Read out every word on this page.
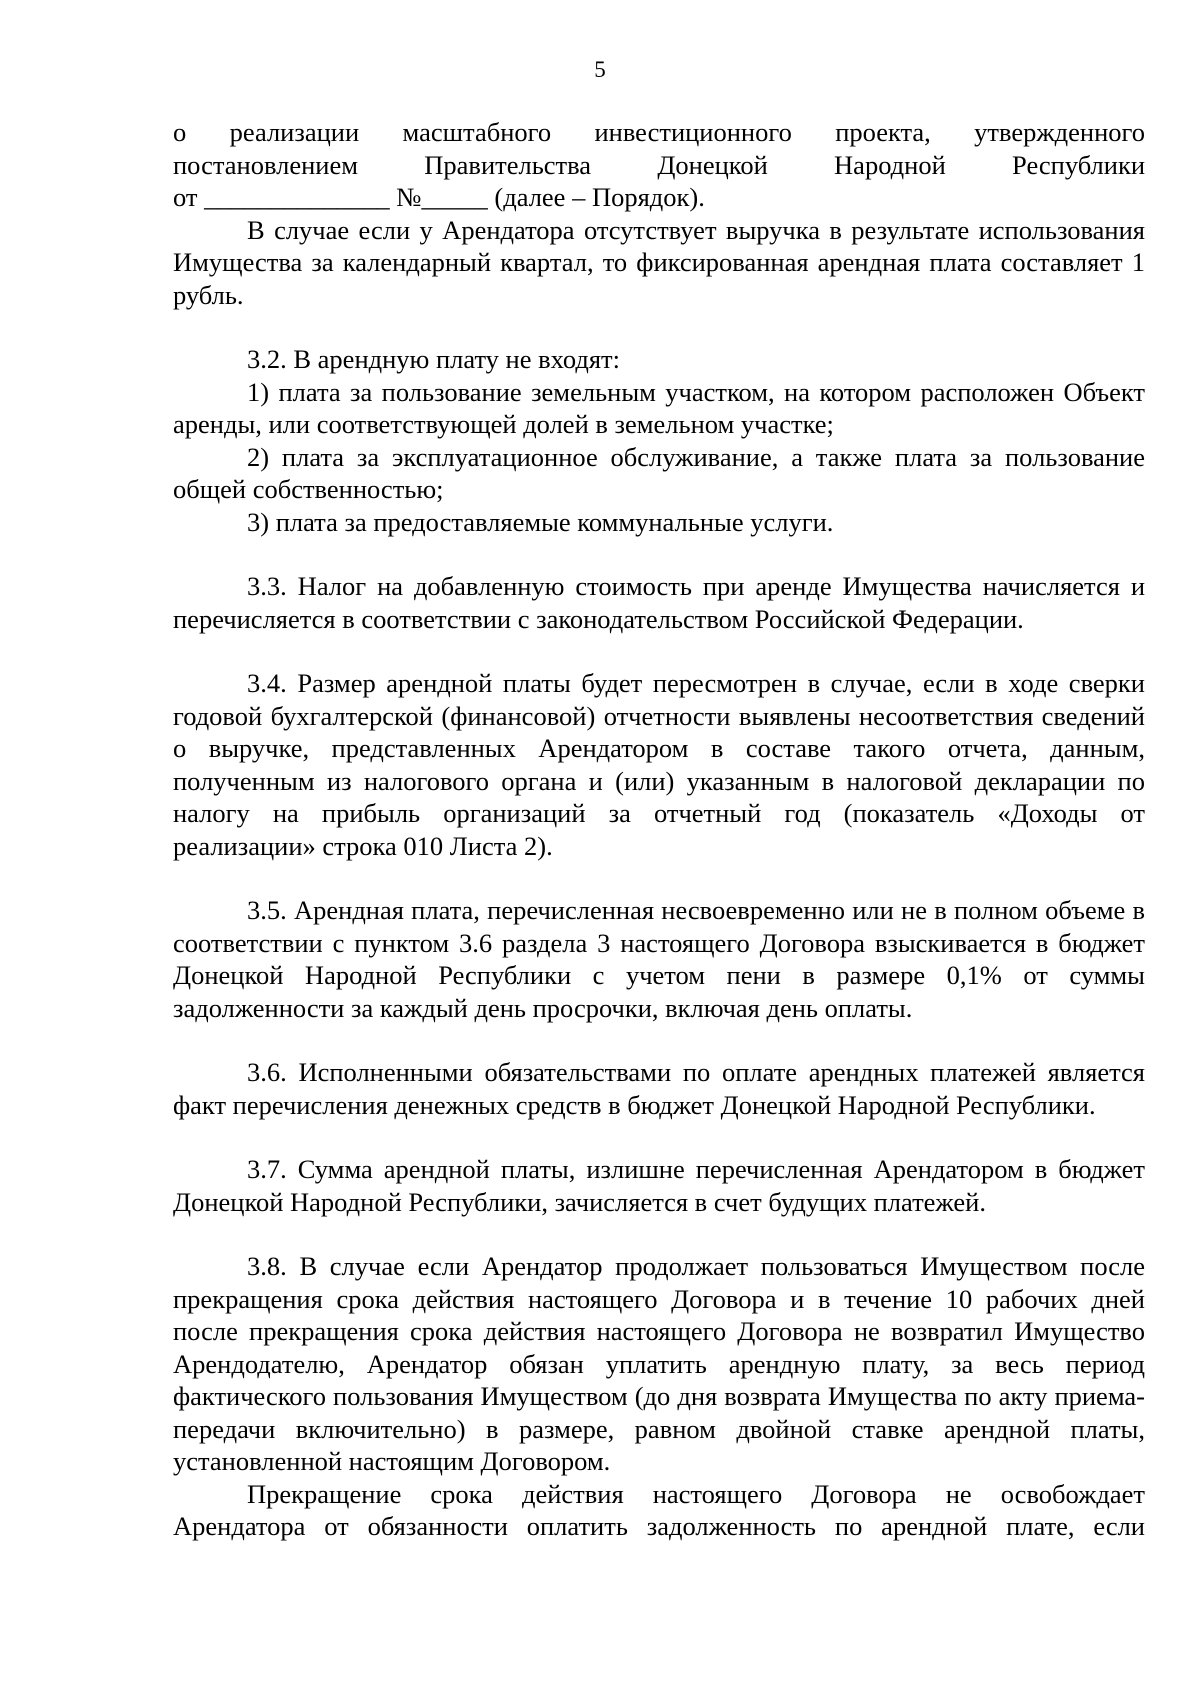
5

о реализации масштабного инвестиционного проекта, утвержденного

постановлением Правительства Донецкой Народной Республики

от ______________ №_____ (далее – Порядок).

В случае если у Арендатора отсутствует выручка в результате использования Имущества за календарный квартал, то фиксированная арендная плата составляет 1 рубль.

3.2. В арендную плату не входят:

1) плата за пользование земельным участком, на котором расположен Объект аренды, или соответствующей долей в земельном участке;

2) плата за эксплуатационное обслуживание, а также плата за пользование общей собственностью;

3) плата за предоставляемые коммунальные услуги.

3.3. Налог на добавленную стоимость при аренде Имущества начисляется и перечисляется в соответствии с законодательством Российской Федерации.

3.4. Размер арендной платы будет пересмотрен в случае, если в ходе сверки годовой бухгалтерской (финансовой) отчетности выявлены несоответствия сведений о выручке, представленных Арендатором в составе такого отчета, данным, полученным из налогового органа и (или) указанным в налоговой декларации по налогу на прибыль организаций за отчетный год (показатель «Доходы от реализации» строка 010 Листа 2).

3.5. Арендная плата, перечисленная несвоевременно или не в полном объеме в соответствии с пунктом 3.6 раздела 3 настоящего Договора взыскивается в бюджет Донецкой Народной Республики с учетом пени в размере 0,1% от суммы задолженности за каждый день просрочки, включая день оплаты.

3.6. Исполненными обязательствами по оплате арендных платежей является факт перечисления денежных средств в бюджет Донецкой Народной Республики.

3.7. Сумма арендной платы, излишне перечисленная Арендатором в бюджет Донецкой Народной Республики, зачисляется в счет будущих платежей.

3.8. В случае если Арендатор продолжает пользоваться Имуществом после прекращения срока действия настоящего Договора и в течение 10 рабочих дней после прекращения срока действия настоящего Договора не возвратил Имущество Арендодателю, Арендатор обязан уплатить арендную плату, за весь период фактического пользования Имуществом (до дня возврата Имущества по акту приема-передачи включительно) в размере, равном двойной ставке арендной платы, установленной настоящим Договором.

Прекращение срока действия настоящего Договора не освобождает Арендатора от обязанности оплатить задолженность по арендной плате, если
